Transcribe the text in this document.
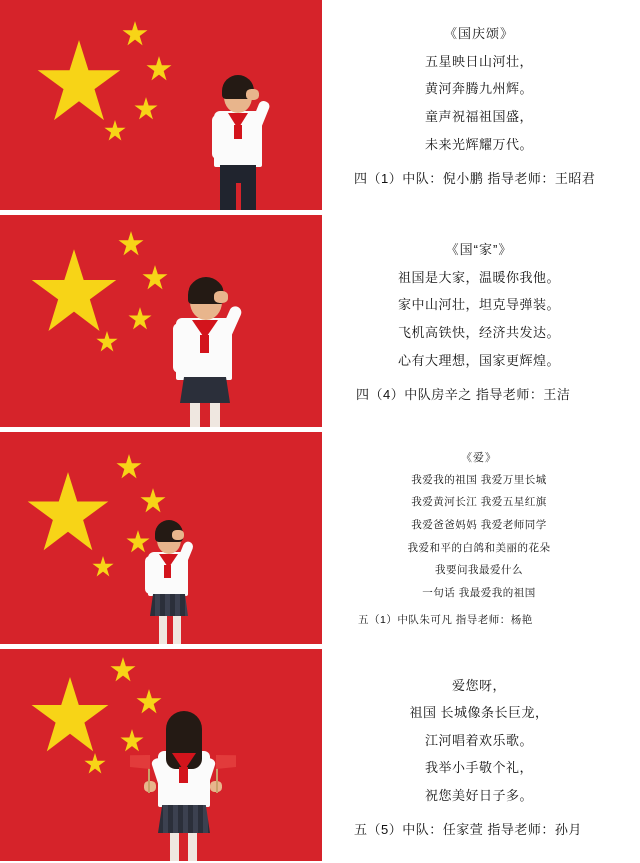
《国庆颂》
五星映日山河壮，
黄河奔腾九州辉。
童声祝福祖国盛，
未来光辉耀万代。
四（1）中队：倪小鹏 指导老师：王昭君
《国“家”》
祖国是大家，温暖你我他。
家中山河壮，坦克导弹装。
飞机高铁快，经济共发达。
心有大理想，国家更辉煌。
四（4）中队房辛之 指导老师：王洁
《爱》
我爱我的祖国 我爱万里长城
我爱黄河长江 我爱五星红旗
我爱爸爸妈妈 我爱老师同学
我爱和平的白鸽和美丽的花朵
我要问我最爱什么
一句话 我最爱我的祖国
五（1）中队朱可凡 指导老师：杨艳
爱您呀，
祖国 长城像条长巨龙，
江河唱着欢乐歌。
我举小手敬个礼，
祝您美好日子多。
五（5）中队：任家萱 指导老师：孙月
